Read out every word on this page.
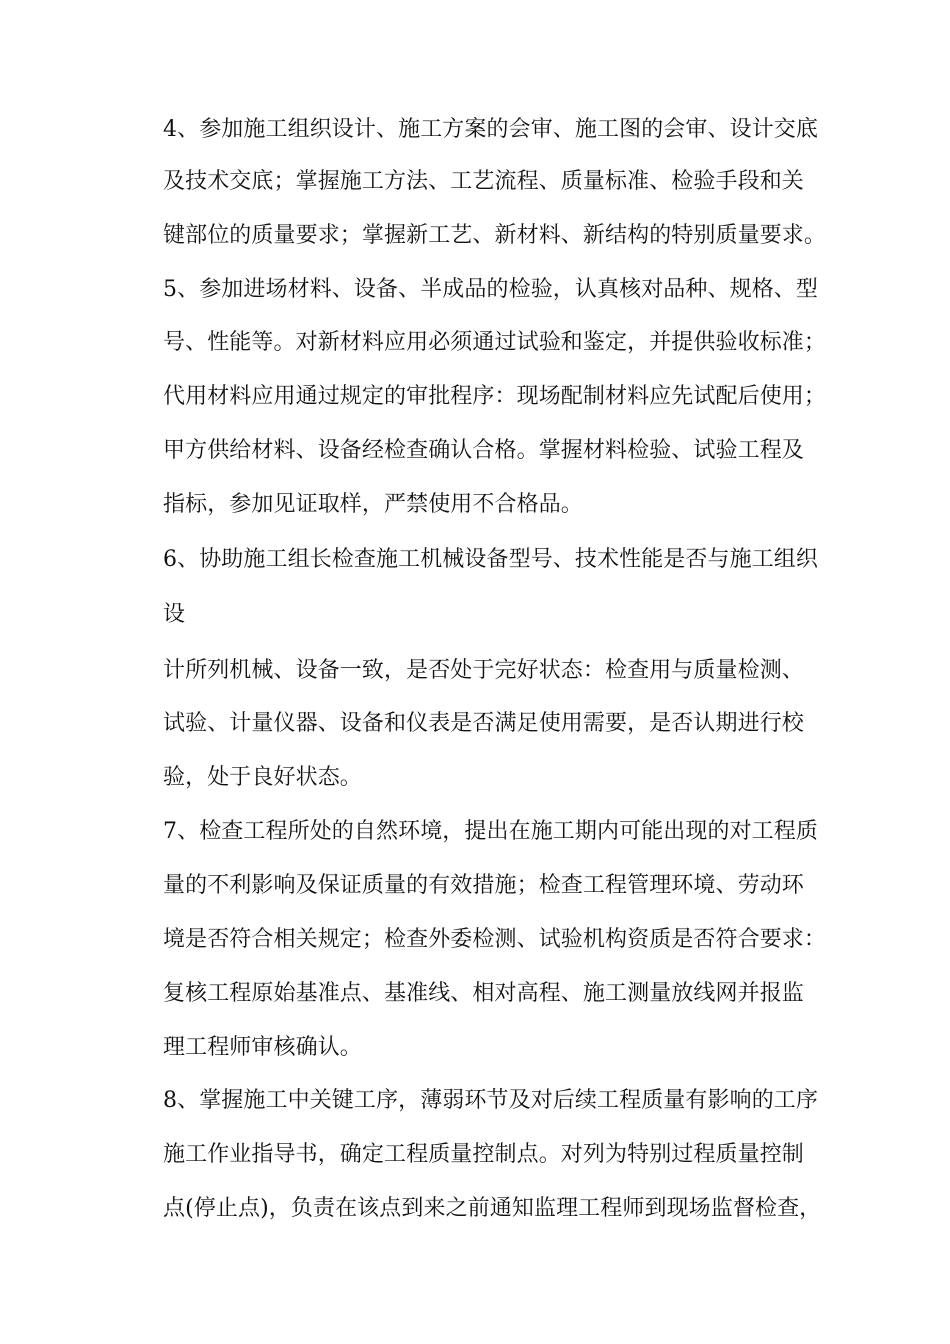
4、参加施工组织设计、施工方案的会审、施工图的会审、设计交底
及技术交底；掌握施工方法、工艺流程、质量标准、检验手段和关
键部位的质量要求；掌握新工艺、新材料、新结构的特别质量要求。
5、参加进场材料、设备、半成品的检验，认真核对品种、规格、型
号、性能等。对新材料应用必须通过试验和鉴定，并提供验收标准；
代用材料应用通过规定的审批程序：现场配制材料应先试配后使用；
甲方供给材料、设备经检查确认合格。掌握材料检验、试验工程及
指标，参加见证取样，严禁使用不合格品。
6、协助施工组长检查施工机械设备型号、技术性能是否与施工组织
设
计所列机械、设备一致，是否处于完好状态：检查用与质量检测、
试验、计量仪器、设备和仪表是否满足使用需要，是否认期进行校
验，处于良好状态。
7、检查工程所处的自然环境，提出在施工期内可能出现的对工程质
量的不利影响及保证质量的有效措施；检查工程管理环境、劳动环
境是否符合相关规定；检查外委检测、试验机构资质是否符合要求：
复核工程原始基准点、基准线、相对高程、施工测量放线网并报监
理工程师审核确认。
8、掌握施工中关键工序，薄弱环节及对后续工程质量有影响的工序
施工作业指导书，确定工程质量控制点。对列为特别过程质量控制
点(停止点)，负责在该点到来之前通知监理工程师到现场监督检查，
